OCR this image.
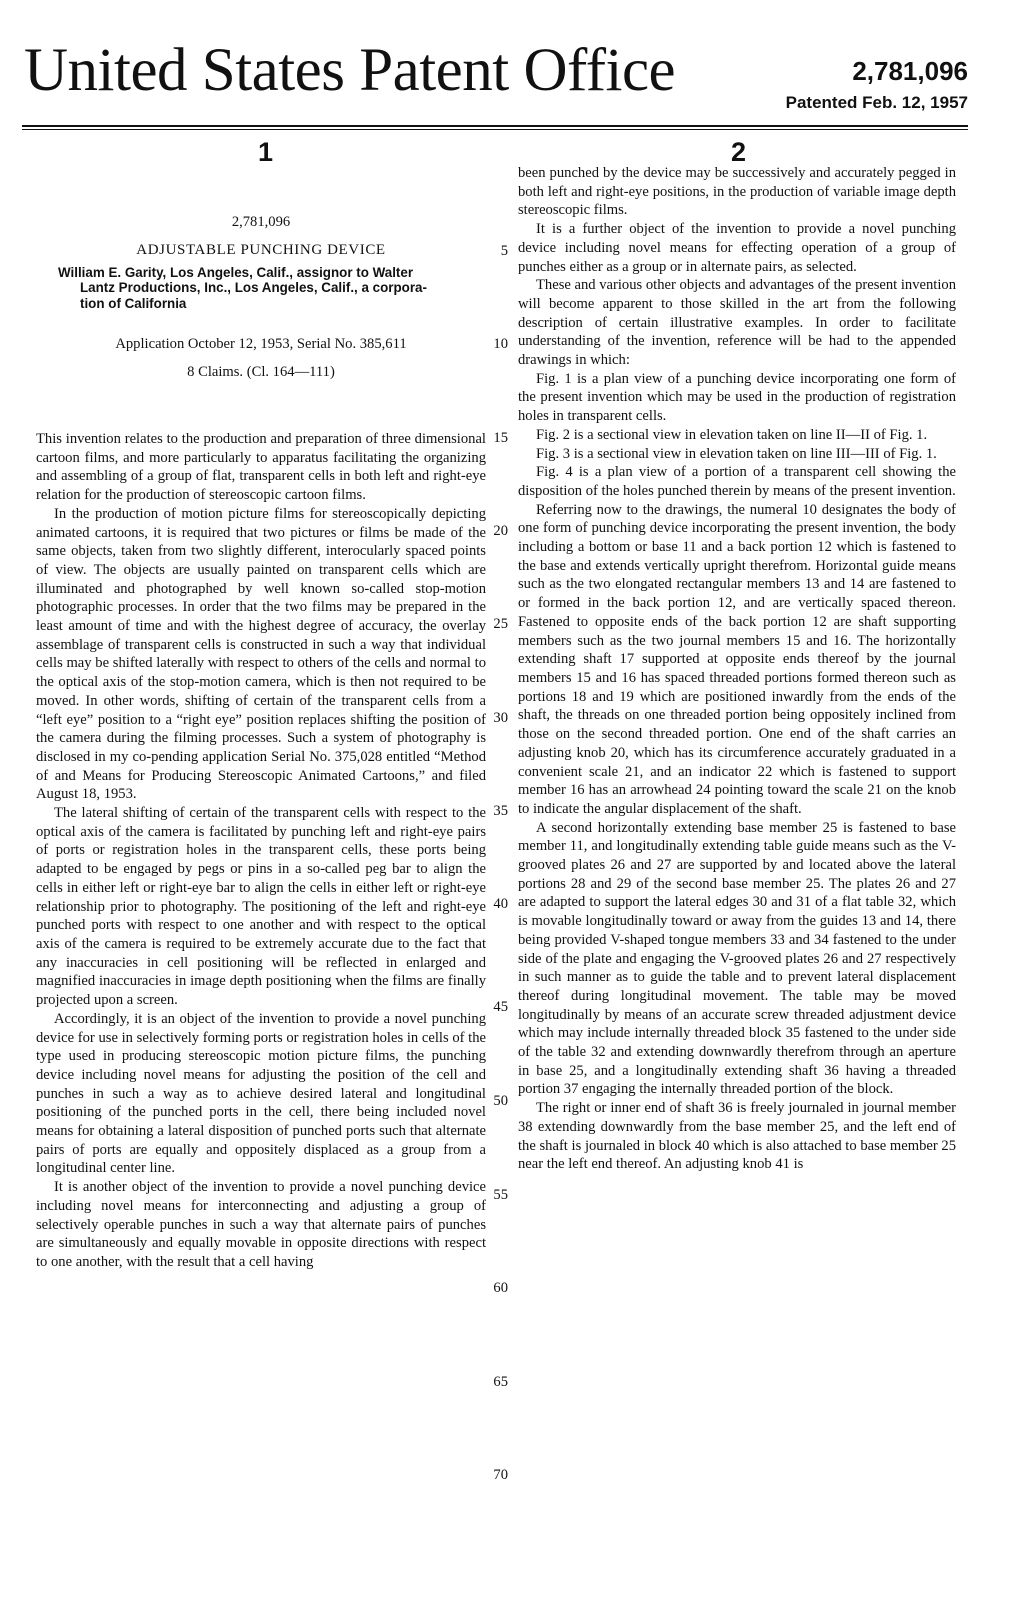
United States Patent Office	2,781,096
Patented Feb. 12, 1957
1	2
2,781,096
ADJUSTABLE PUNCHING DEVICE
William E. Garity, Los Angeles, Calif., assignor to Walter

Lantz Productions, Inc., Los Angeles, Calif., a corpora-
tion of California
Application October 12, 1953, Serial No. 385,611
8 Claims. (Cl. 164—111)

This invention relates to the production and preparation of three dimensional cartoon films, and more particularly to apparatus facilitating the organizing and assembling of a group of flat, transparent cells in both left and right-eye relation for the production of stereoscopic cartoon films.

In the production of motion picture films for stereoscopically depicting animated cartoons, it is required that two pictures or films be made of the same objects, taken from two slightly different, interocularly spaced points of view. The objects are usually painted on transparent cells which are illuminated and photographed by well known so-called stop-motion photographic processes. In order that the two films may be prepared in the least amount of time and with the highest degree of accuracy, the overlay assemblage of transparent cells is constructed in such a way that individual cells may be shifted laterally with respect to others of the cells and normal to the optical axis of the stop-motion camera, which is then not required to be moved. In other words, shifting of certain of the transparent cells from a “left eye” position to a “right eye” position replaces shifting the position of the camera during the filming processes. Such a system of photography is disclosed in my co-pending application Serial No. 375,028 entitled “Method of and Means for Producing Stereoscopic Animated Cartoons,” and filed August 18, 1953.

The lateral shifting of certain of the transparent cells with respect to the optical axis of the camera is facilitated by punching left and right-eye pairs of ports or registration holes in the transparent cells, these ports being adapted to be engaged by pegs or pins in a so-called peg bar to align the cells in either left or right-eye bar to align the cells in either left or right-eye relationship prior to photography. The positioning of the left and right-eye punched ports with respect to one another and with respect to the optical axis of the camera is required to be extremely accurate due to the fact that any inaccuracies in cell positioning will be reflected in enlarged and magnified inaccuracies in image depth positioning when the films are finally projected upon a screen.

Accordingly, it is an object of the invention to provide a novel punching device for use in selectively forming ports or registration holes in cells of the type used in producing stereoscopic motion picture films, the punching device including novel means for adjusting the position of the cell and punches in such a way as to achieve desired lateral and longitudinal positioning of the punched ports in the cell, there being included novel means for obtaining a lateral disposition of punched ports such that alternate pairs of ports are equally and oppositely displaced as a group from a longitudinal center line.

It is another object of the invention to provide a novel punching device including novel means for interconnecting and adjusting a group of selectively operable punches in such a way that alternate pairs of punches are simultaneously and equally movable in opposite directions with respect to one another, with the result that a cell having

been punched by the device may be successively and accurately pegged in both left and right-eye positions, in the production of variable image depth stereoscopic films.

It is a further object of the invention to provide a novel punching device including novel means for effecting operation of a group of punches either as a group or in alternate pairs, as selected.

These and various other objects and advantages of the present invention will become apparent to those skilled in the art from the following description of certain illustrative examples. In order to facilitate understanding of the invention, reference will be had to the appended drawings in which:

Fig. 1 is a plan view of a punching device incorporating one form of the present invention which may be used in the production of registration holes in transparent cells.

Fig. 2 is a sectional view in elevation taken on line II—II of Fig. 1.

Fig. 3 is a sectional view in elevation taken on line III—III of Fig. 1.

Fig. 4 is a plan view of a portion of a transparent cell showing the disposition of the holes punched therein by means of the present invention.

Referring now to the drawings, the numeral 10 designates the body of one form of punching device incorporating the present invention, the body including a bottom or base 11 and a back portion 12 which is fastened to the base and extends vertically upright therefrom. Horizontal guide means such as the two elongated rectangular members 13 and 14 are fastened to or formed in the back portion 12, and are vertically spaced thereon. Fastened to opposite ends of the back portion 12 are shaft supporting members such as the two journal members 15 and 16. The horizontally extending shaft 17 supported at opposite ends thereof by the journal members 15 and 16 has spaced threaded portions formed thereon such as portions 18 and 19 which are positioned inwardly from the ends of the shaft, the threads on one threaded portion being oppositely inclined from those on the second threaded portion. One end of the shaft carries an adjusting knob 20, which has its circumference accurately graduated in a convenient scale 21, and an indicator 22 which is fastened to support member 16 has an arrowhead 24 pointing toward the scale 21 on the knob to indicate the angular displacement of the shaft.

A second horizontally extending base member 25 is fastened to base member 11, and longitudinally extending table guide means such as the V-grooved plates 26 and 27 are supported by and located above the lateral portions 28 and 29 of the second base member 25. The plates 26 and 27 are adapted to support the lateral edges 30 and 31 of a flat table 32, which is movable longitudinally toward or away from the guides 13 and 14, there being provided V-shaped tongue members 33 and 34 fastened to the under side of the plate and engaging the V-grooved plates 26 and 27 respectively in such manner as to guide the table and to prevent lateral displacement thereof during longitudinal movement. The table may be moved longitudinally by means of an accurate screw threaded adjustment device which may include internally threaded block 35 fastened to the under side of the table 32 and extending downwardly therefrom through an aperture in base 25, and a longitudinally extending shaft 36 having a threaded portion 37 engaging the internally threaded portion of the block.

The right or inner end of shaft 36 is freely journaled in journal member 38 extending downwardly from the base member 25, and the left end of the shaft is journaled in block 40 which is also attached to base member 25 near the left end thereof. An adjusting knob 41 is

5
10
15
20
25
30
35
40
45
50
55
60
65
70
